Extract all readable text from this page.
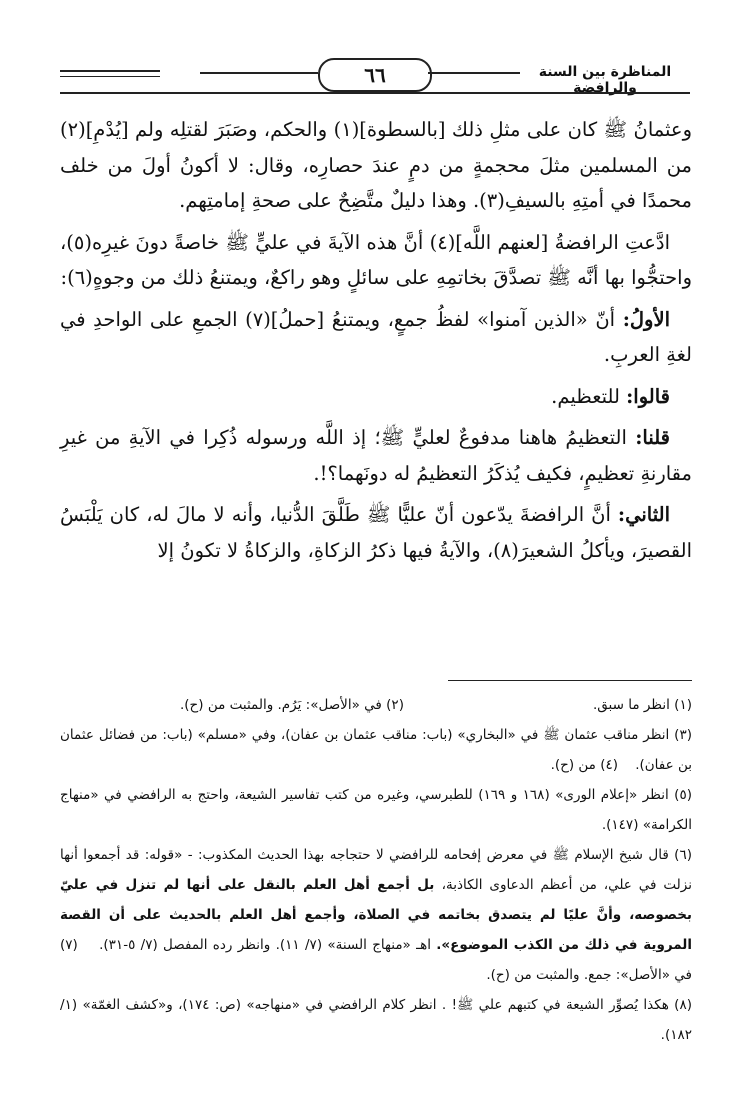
٦٦	المناظرة بين السنة والرافضة

وعثمانُ ﷺ كان على مثلِ ذلك [بالسطوة](١) والحكم، وصَبَرَ لقتلِه ولم [يُدْمِ](٢) من المسلمين مثلَ محجمةٍ من دمٍ عندَ حصارِه، وقال: لا أكونُ أولَ من خلف محمدًا في أمتِهِ بالسيفِ(٣). وهذا دليلٌ متَّضِحٌ على صحةِ إمامتِهم.

ادَّعتِ الرافضةُ [لعنهم اللَّه](٤) أنَّ هذه الآيةَ في عليٍّ ﷺ خاصةً دونَ غيرِه(٥)، واحتجُّوا بها أنَّه ﷺ تصدَّقَ بخاتمِهِ على سائلٍ وهو راكعٌ، ويمتنعُ ذلك من وجوهٍ(٦):

الأولُ: أنّ «الذين آمنوا» لفظُ جمعٍ، ويمتنعُ [حملُ](٧) الجمعِ على الواحدِ في لغةِ العربِ.

قالوا: للتعظيم.

قلنا: التعظيمُ هاهنا مدفوعٌ لعليٍّ ﷺ؛ إذ اللَّه ورسوله ذُكِرا في الآيةِ من غيرِ مقارنةِ تعظيمٍ، فكيف يُذكَرُ التعظيمُ له دونَهما؟!.

الثاني: أنَّ الرافضةَ يدّعون أنّ عليًّا ﷺ طَلَّقَ الدُّنيا، وأنه لا مالَ له، كان يَلْبَسُ القصيرَ، ويأكلُ الشعيرَ(٨)، والآيةُ فيها ذكرُ الزكاةِ، والزكاةُ لا تكونُ إلا

(١) انظر ما سبق.
(٢) في «الأصل»: يَرُم. والمثبت من (ح).

(٣) انظر مناقب عثمان ﷺ في «البخاري» (باب: مناقب عثمان بن عفان)، وفي «مسلم» (باب: من فضائل عثمان بن عفان).    (٤) من (ح).

(٥) انظر «إعلام الورى» (١٦٨ و ١٦٩) للطبرسي، وغيره من كتب تفاسير الشيعة، واحتج به الرافضي في «منهاج الكرامة» (١٤٧).

(٦) قال شيخ الإسلام ﷺ في معرض إفحامه للرافضي لا حتجاجه بهذا الحديث المكذوب: - «قوله: قد أجمعوا أنها نزلت في علي، من أعظم الدعاوى الكاذبة، بل أجمع أهل العلم بالنقل على أنها لم تنزل في عليّ بخصوصه، وأنَّ عليًا لم يتصدق بخاتمه في الصلاة، وأجمع أهل العلم بالحديث على أن القصة المروية في ذلك من الكذب الموضوع». اهـ «منهاج السنة» (٧/ ١١). وانظر رده المفصل (٧/ ٥-٣١).    (٧) في «الأصل»: جمع. والمثبت من (ح).

(٨) هكذا يُصوِّر الشيعة في كتبهم علي ﷺ! . انظر كلام الرافضي في «منهاجه» (ص: ١٧٤)، و«كشف الغمّة» (١/ ١٨٢).
